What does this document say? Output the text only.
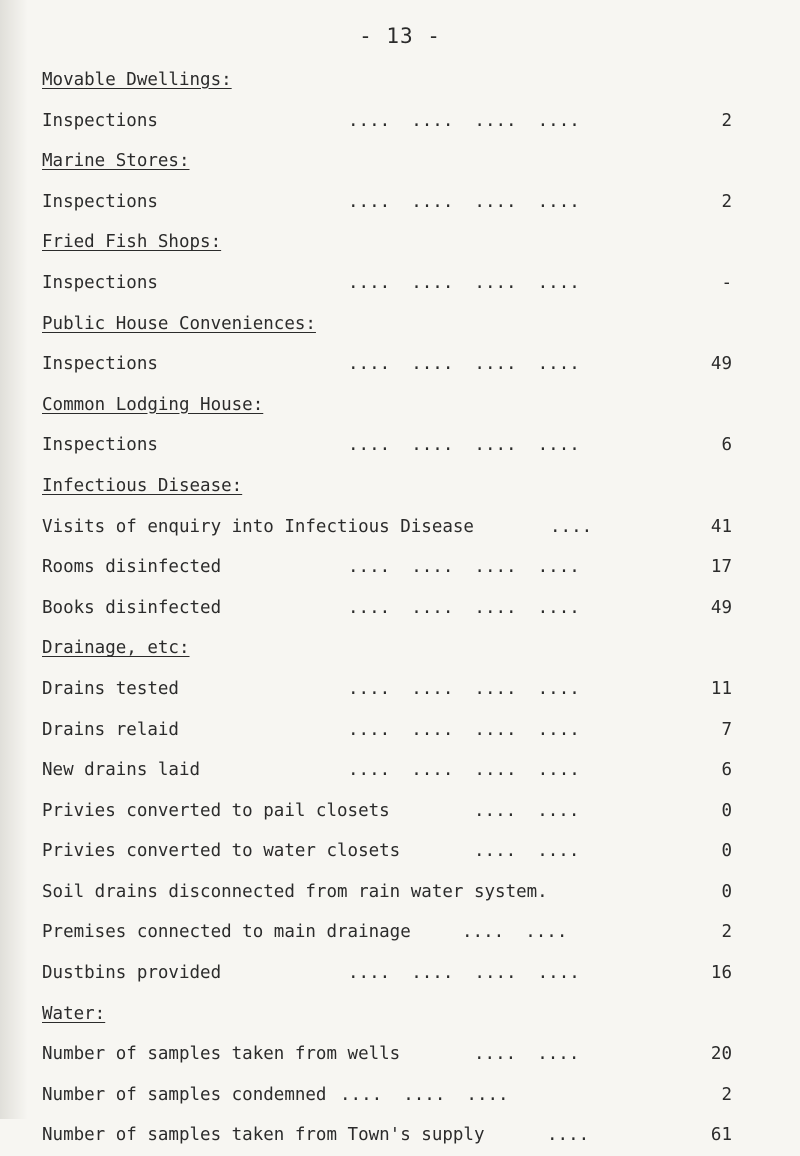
- 13 -
Movable Dwellings:
Inspections	....  ....  ....  ....	2
Marine Stores:
Inspections	....  ....  ....  ....	2
Fried Fish Shops:
Inspections	....  ....  ....  ....	-
Public House Conveniences:
Inspections	....  ....  ....  ....	49
Common Lodging House:
Inspections	....  ....  ....  ....	6
Infectious Disease:
Visits of enquiry into Infectious Disease	....	41
Rooms disinfected	....  ....  ....  ....	17
Books disinfected	....  ....  ....  ....	49
Drainage, etc:
Drains tested	....  ....  ....  ....	11
Drains relaid	....  ....  ....  ....	7
New drains laid	....  ....  ....  ....	6
Privies converted to pail closets	....  ....	0
Privies converted to water closets	....  ....	0
Soil drains disconnected from rain water system.	0
Premises connected to main drainage	....  ....	2
Dustbins provided	....  ....  ....  ....	16
Water:
Number of samples taken from wells	....  ....	20
Number of samples condemned ....  ....  ....	2
Number of samples taken from Town's supply	....	61
